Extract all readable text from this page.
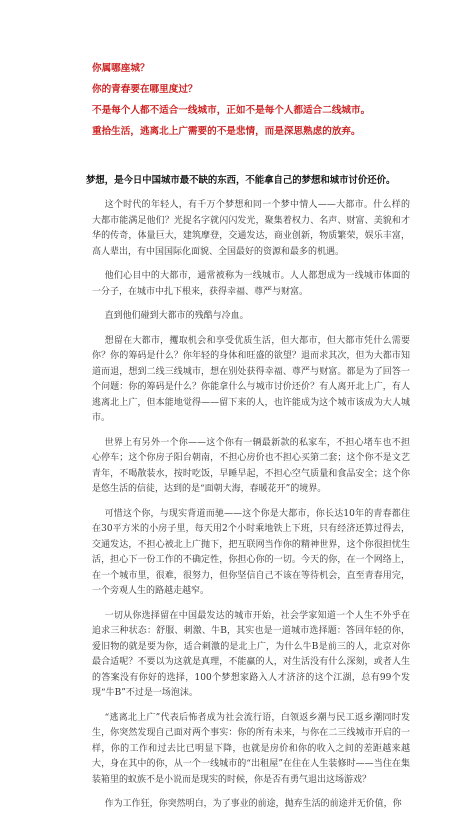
你属哪座城？

你的青春要在哪里度过？

不是每个人都不适合一线城市，正如不是每个人都适合二线城市。

重拾生活，逃离北上广需要的不是悲情，而是深思熟虑的放弃。

梦想，是今日中国城市最不缺的东西，不能拿自己的梦想和城市讨价还价。

这个时代的年轻人，有千万个梦想和同一个梦中情人——大都市。什么样的大都市能满足他们？光捉名字就闪闪发光，聚集着权力、名声、财富、美貌和才华的传奇，体量巨大，建筑摩登，交通发达，商业创新，物质繁荣，娱乐丰富，高人辈出，有中国国际化面貌、全国最好的资源和最多的机遇。

他们心目中的大都市，通常被称为一线城市。人人都想成为一线城市体面的一分子，在城市中扎下根来，获得幸福、尊严与财富。

直到他们碰到大都市的残酷与冷血。

想留在大都市，攫取机会和享受优质生活，但大都市，但大都市凭什么需要你？你的筹码是什么？你年轻的身体和旺盛的欲望？退而求其次，但为大都市知道而退，想到二线三线城市，想在别处获得幸福、尊严与财富。都是为了回答一个问题：你的筹码是什么？你能拿什么与城市讨价还价？有人离开北上广，有人逃离北上广，但本能地觉得——留下来的人，也许能成为这个城市该成为大人城市。

世界上有另外一个你——这个你有一辆最新款的私家车，不担心堵车也不担心停车；这个你房子阳台朝南，不担心房价也不担心买第二套；这个你不是文艺青年，不喝散装水，按时吃饭，早睡早起，不担心空气质量和食品安全；这个你是悠生活的信徒，达到的是“面朝大海，春暖花开”的境界。

可惜这个你，与现实背道而驰——这个你是大都市，你长达10年的青春都住在30平方米的小房子里，每天用2个小时乘地铁上下班，只有经济还算过得去，交通发达，不担心被北上广抛下，把互联网当作你的精神世界，这个你很担忧生活，担心下一份工作的不确定性，你担心你的一切。今天的你，在一个网络上，在一个城市里，很难，很努力，但你坚信自己不该在等待机会，直至青春用完，一个旁观人生的路越走越窄。

一切从你选择留在中国最发达的城市开始，社会学家知道一个人生不外乎在追求三种状态：舒服、刺激、牛B，其实也是一道城市选择题：答回年轻的你，爱旧物的就是要为你，适合刺激的是北上广，为什么牛B是前三的人，北京对你最合适呢？不要以为这就是真理，不能赢的人，对生活没有什么深刻，或者人生的答案没有你好的选择，100个梦想家路入人才济济的这个江湖，总有99个发现“牛B”不过是一场泡沫。

“逃离北上广”代表后怖者成为社会流行语，白领返乡潮与民工返乡潮同时发生，你突然发现自己面对两个事实：你的所有未来，与你在二三线城市开启的一样，你的工作和过去比已明显下降，也就是房价和你的收入之间的差距越来越大，身在其中的你，从一个一线城市的“出租屋”在住在人生装修时——当住在集装箱里的蚁族不是小说而是现实的时候，你是否有勇气退出这场游戏？

作为工作狂，你突然明白，为了事业的前途，抛弃生活的前途并无价值，你
